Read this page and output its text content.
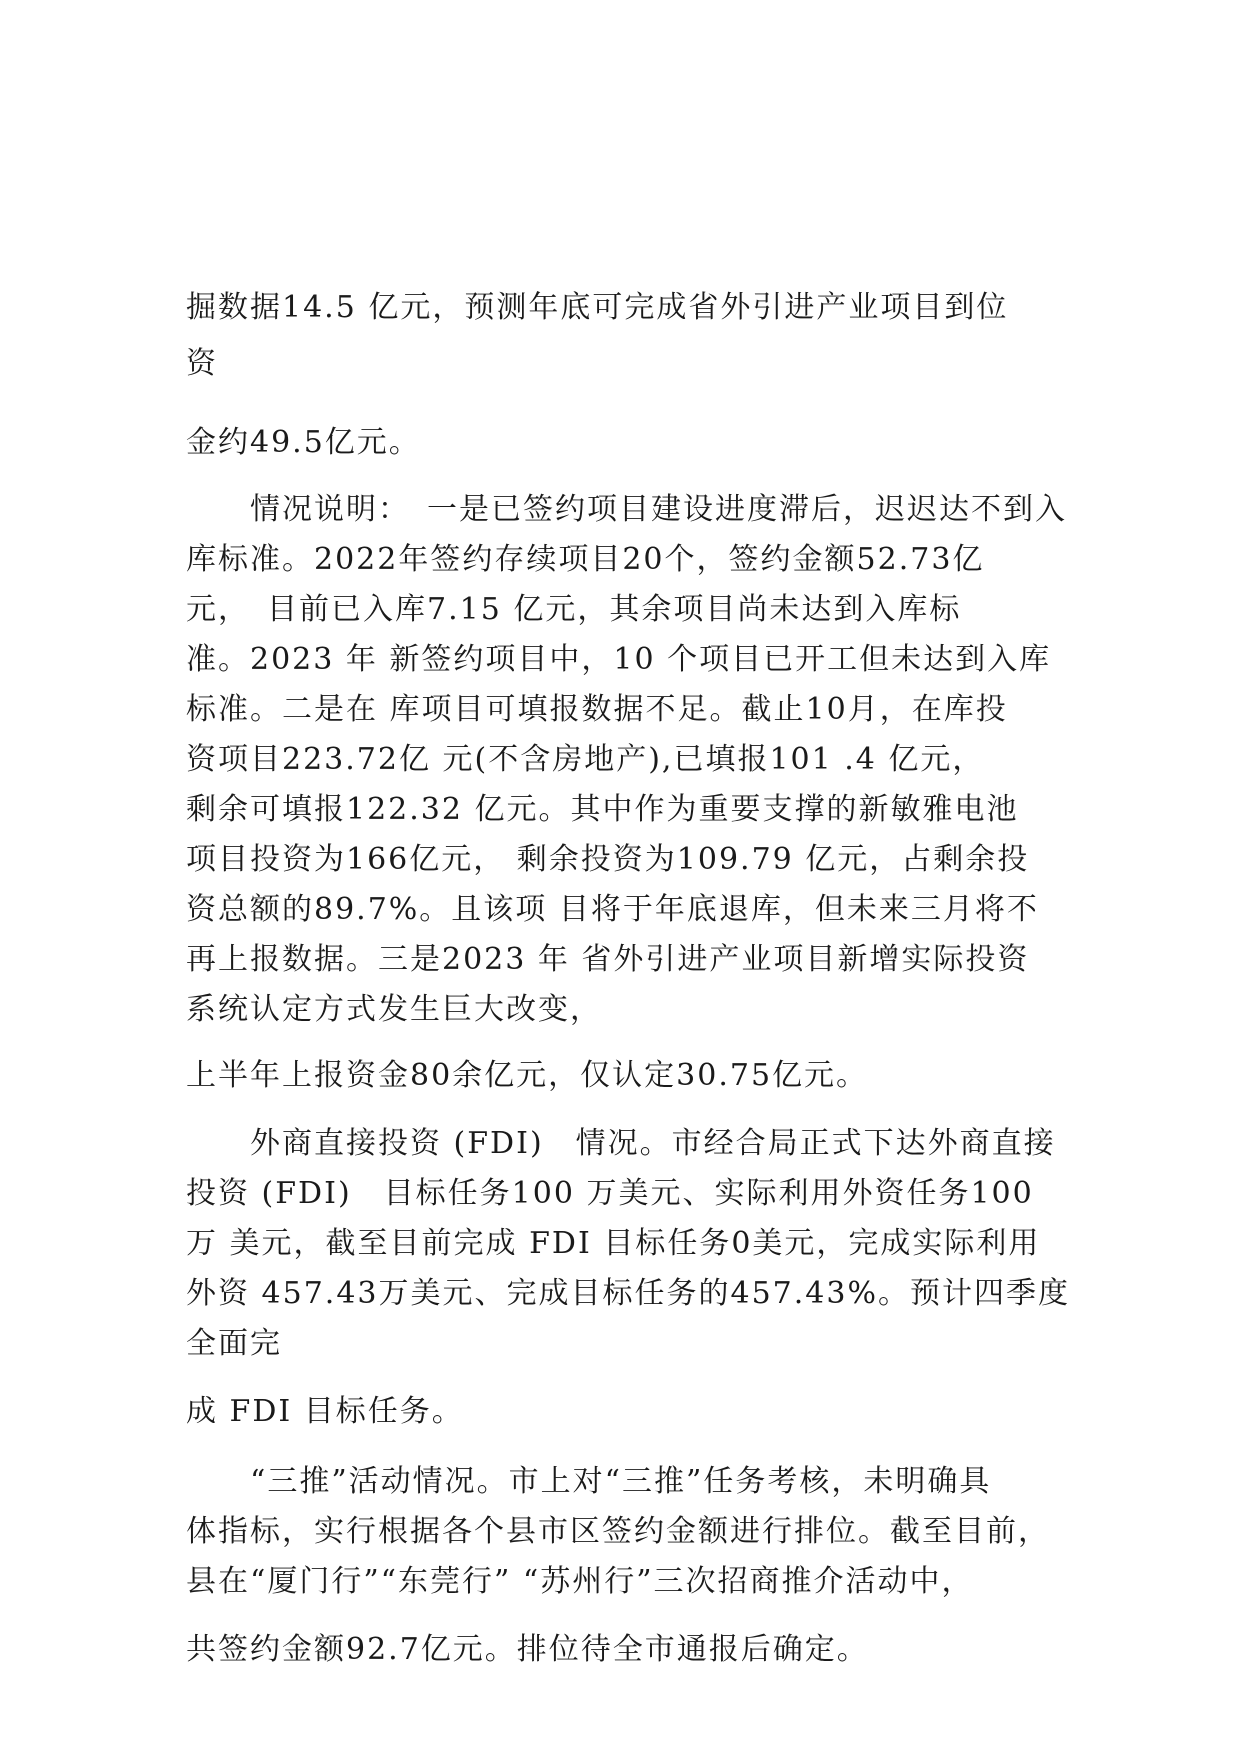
掘数据14.5 亿元，预测年底可完成省外引进产业项目到位

资

金约49.5亿元。

情况说明：　一是已签约项目建设进度滞后，迟迟达不到入

库标准。2022年签约存续项目20个，签约金额52.73亿

元，　目前已入库7.15 亿元，其余项目尚未达到入库标

准。2023 年 新签约项目中，10 个项目已开工但未达到入库

标准。二是在 库项目可填报数据不足。截止10月，在库投

资项目223.72亿 元(不含房地产),已填报101 .4 亿元，

剩余可填报122.32 亿元。其中作为重要支撑的新敏雅电池

项目投资为166亿元， 剩余投资为109.79 亿元，占剩余投

资总额的89.7%。且该项 目将于年底退库，但未来三月将不

再上报数据。三是2023 年 省外引进产业项目新增实际投资

系统认定方式发生巨大改变，

上半年上报资金80余亿元，仅认定30.75亿元。

外商直接投资 (FDI)　情况。市经合局正式下达外商直接

投资 (FDI)　目标任务100 万美元、实际利用外资任务100

万 美元，截至目前完成 FDI 目标任务0美元，完成实际利用

外资 457.43万美元、完成目标任务的457.43%。预计四季度

全面完

成 FDI 目标任务。

“三推”活动情况。市上对“三推”任务考核，未明确具

体指标，实行根据各个县市区签约金额进行排位。截至目前，

县在“厦门行”“东莞行” “苏州行”三次招商推介活动中，

共签约金额92.7亿元。排位待全市通报后确定。
